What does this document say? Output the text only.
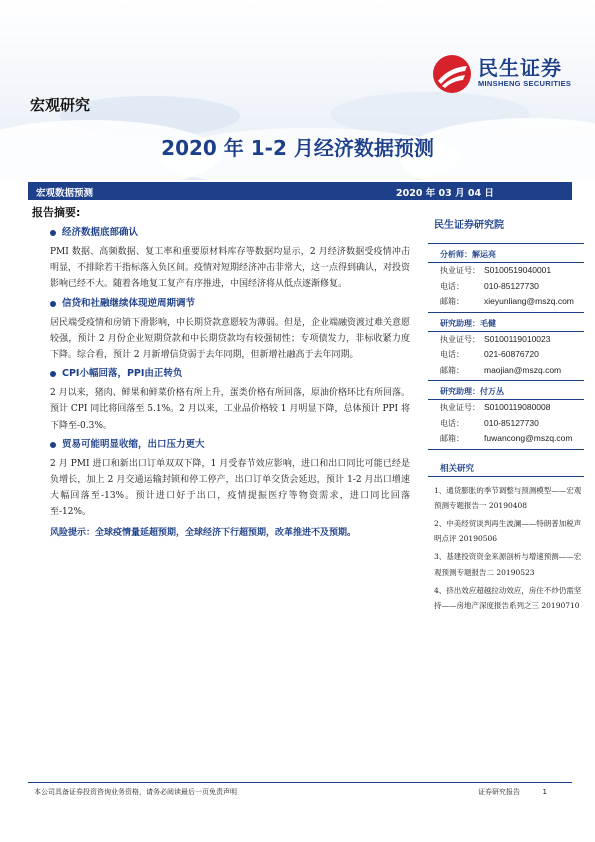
民生证券
MINSHENG SECURITIES
宏观研究
2020 年 1-2 月经济数据预测
宏观数据预测	2020 年 03 月 04 日
报告摘要:
经济数据底部确认
PMI 数据、高频数据、复工率和重要原材料库存等数据均显示，2 月经济数据受疫情冲击明显，不排除若干指标落入负区间。疫情对短期经济冲击非常大，这一点得到确认，对投资影响已经不大。随着各地复工复产有序推进，中国经济将从低点逐渐修复。
信贷和社融继续体现逆周期调节
居民端受疫情和房销下滑影响，中长期贷款意愿较为薄弱。但是，企业端融资渡过难关意愿较强，预计 2 月份企业短期贷款和中长期贷款均有较强韧性；专项债发力，非标收紧力度下降。综合看，预计 2 月新增信贷弱于去年同期，但新增社融高于去年同期。
CPI小幅回落，PPI由正转负
2 月以来，猪肉、鲜果和鲜菜价格有所上升，蛋类价格有所回落，原油价格环比有所回落。预计 CPI 同比将回落至 5.1%。2 月以来，工业品价格较 1 月明显下降，总体预计 PPI 将下降至-0.3%。
贸易可能明显收缩，出口压力更大
2 月 PMI 进口和新出口订单双双下降，1 月受春节效应影响，进口和出口同比可能已经是负增长，加上 2 月交通运输封锁和停工停产，出口订单交货会延迟，预计 1-2 月出口增速大幅回落至-13%。预计进口好于出口，疫情提振医疗等物资需求，进口同比回落至-12%。
风险提示：全球疫情量延超预期，全球经济下行超预期，改革推进不及预期。
民生证券研究院
分析师：解运亮
执业证号： S0100519040001
电话： 010-85127730
邮箱： xieyunliang@mszq.com
研究助理：毛健
执业证号： S0100119010023
电话： 021-60876720
邮箱： maojian@mszq.com
研究助理：付万丛
执业证号： S0100119080008
电话： 010-85127730
邮箱： fuwancong@mszq.com
相关研究
1、通货膨胀的季节调整与预测模型——宏观预测专题报告一 20190408
2、中美经贸谈判再生波澜——特朗普加税声明点评 20190506
3、基建投资资金来源剖析与增速预测——宏观预测专题报告二 20190523
4、挤出效应超越拉动效应，房住不炒仍需坚持——房地产深度报告系列之三 20190710
本公司具备证券投资咨询业务资格，请务必阅读最后一页免责声明	证券研究报告	1
